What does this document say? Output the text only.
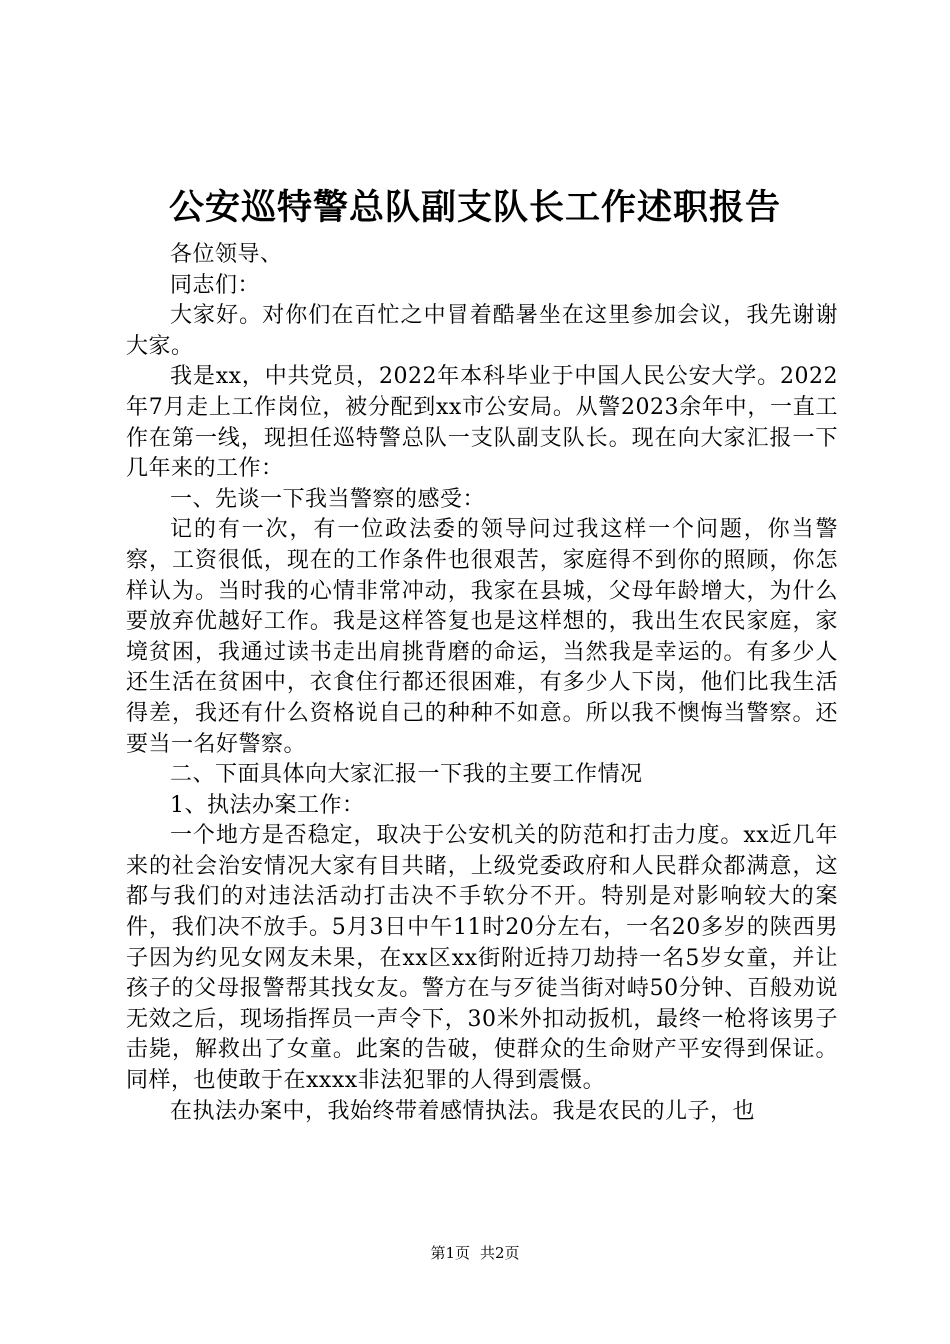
公安巡特警总队副支队长工作述职报告

各位领导、

同志们：

大家好。对你们在百忙之中冒着酷暑坐在这里参加会议，我先谢谢大家。

我是xx，中共党员，2022年本科毕业于中国人民公安大学。2022年7月走上工作岗位，被分配到xx市公安局。从警2023余年中，一直工作在第一线，现担任巡特警总队一支队副支队长。现在向大家汇报一下几年来的工作：

一、先谈一下我当警察的感受：

记的有一次，有一位政法委的领导问过我这样一个问题，你当警察，工资很低，现在的工作条件也很艰苦，家庭得不到你的照顾，你怎样认为。当时我的心情非常冲动，我家在县城，父母年龄增大，为什么要放弃优越好工作。我是这样答复也是这样想的，我出生农民家庭，家境贫困，我通过读书走出肩挑背磨的命运，当然我是幸运的。有多少人还生活在贫困中，衣食住行都还很困难，有多少人下岗，他们比我生活得差，我还有什么资格说自己的种种不如意。所以我不懊悔当警察。还要当一名好警察。

二、下面具体向大家汇报一下我的主要工作情况

1、执法办案工作：

一个地方是否稳定，取决于公安机关的防范和打击力度。xx近几年来的社会治安情况大家有目共睹，上级党委政府和人民群众都满意，这都与我们的对违法活动打击决不手软分不开。特别是对影响较大的案件，我们决不放手。5月3日中午11时20分左右，一名20多岁的陕西男子因为约见女网友未果，在xx区xx街附近持刀劫持一名5岁女童，并让孩子的父母报警帮其找女友。警方在与歹徒当街对峙50分钟、百般劝说无效之后，现场指挥员一声令下，30米外扣动扳机，最终一枪将该男子击毙，解救出了女童。此案的告破，使群众的生命财产平安得到保证。同样，也使敢于在xxxx非法犯罪的人得到震慑。

在执法办案中，我始终带着感情执法。我是农民的儿子，也

第1页 共2页
